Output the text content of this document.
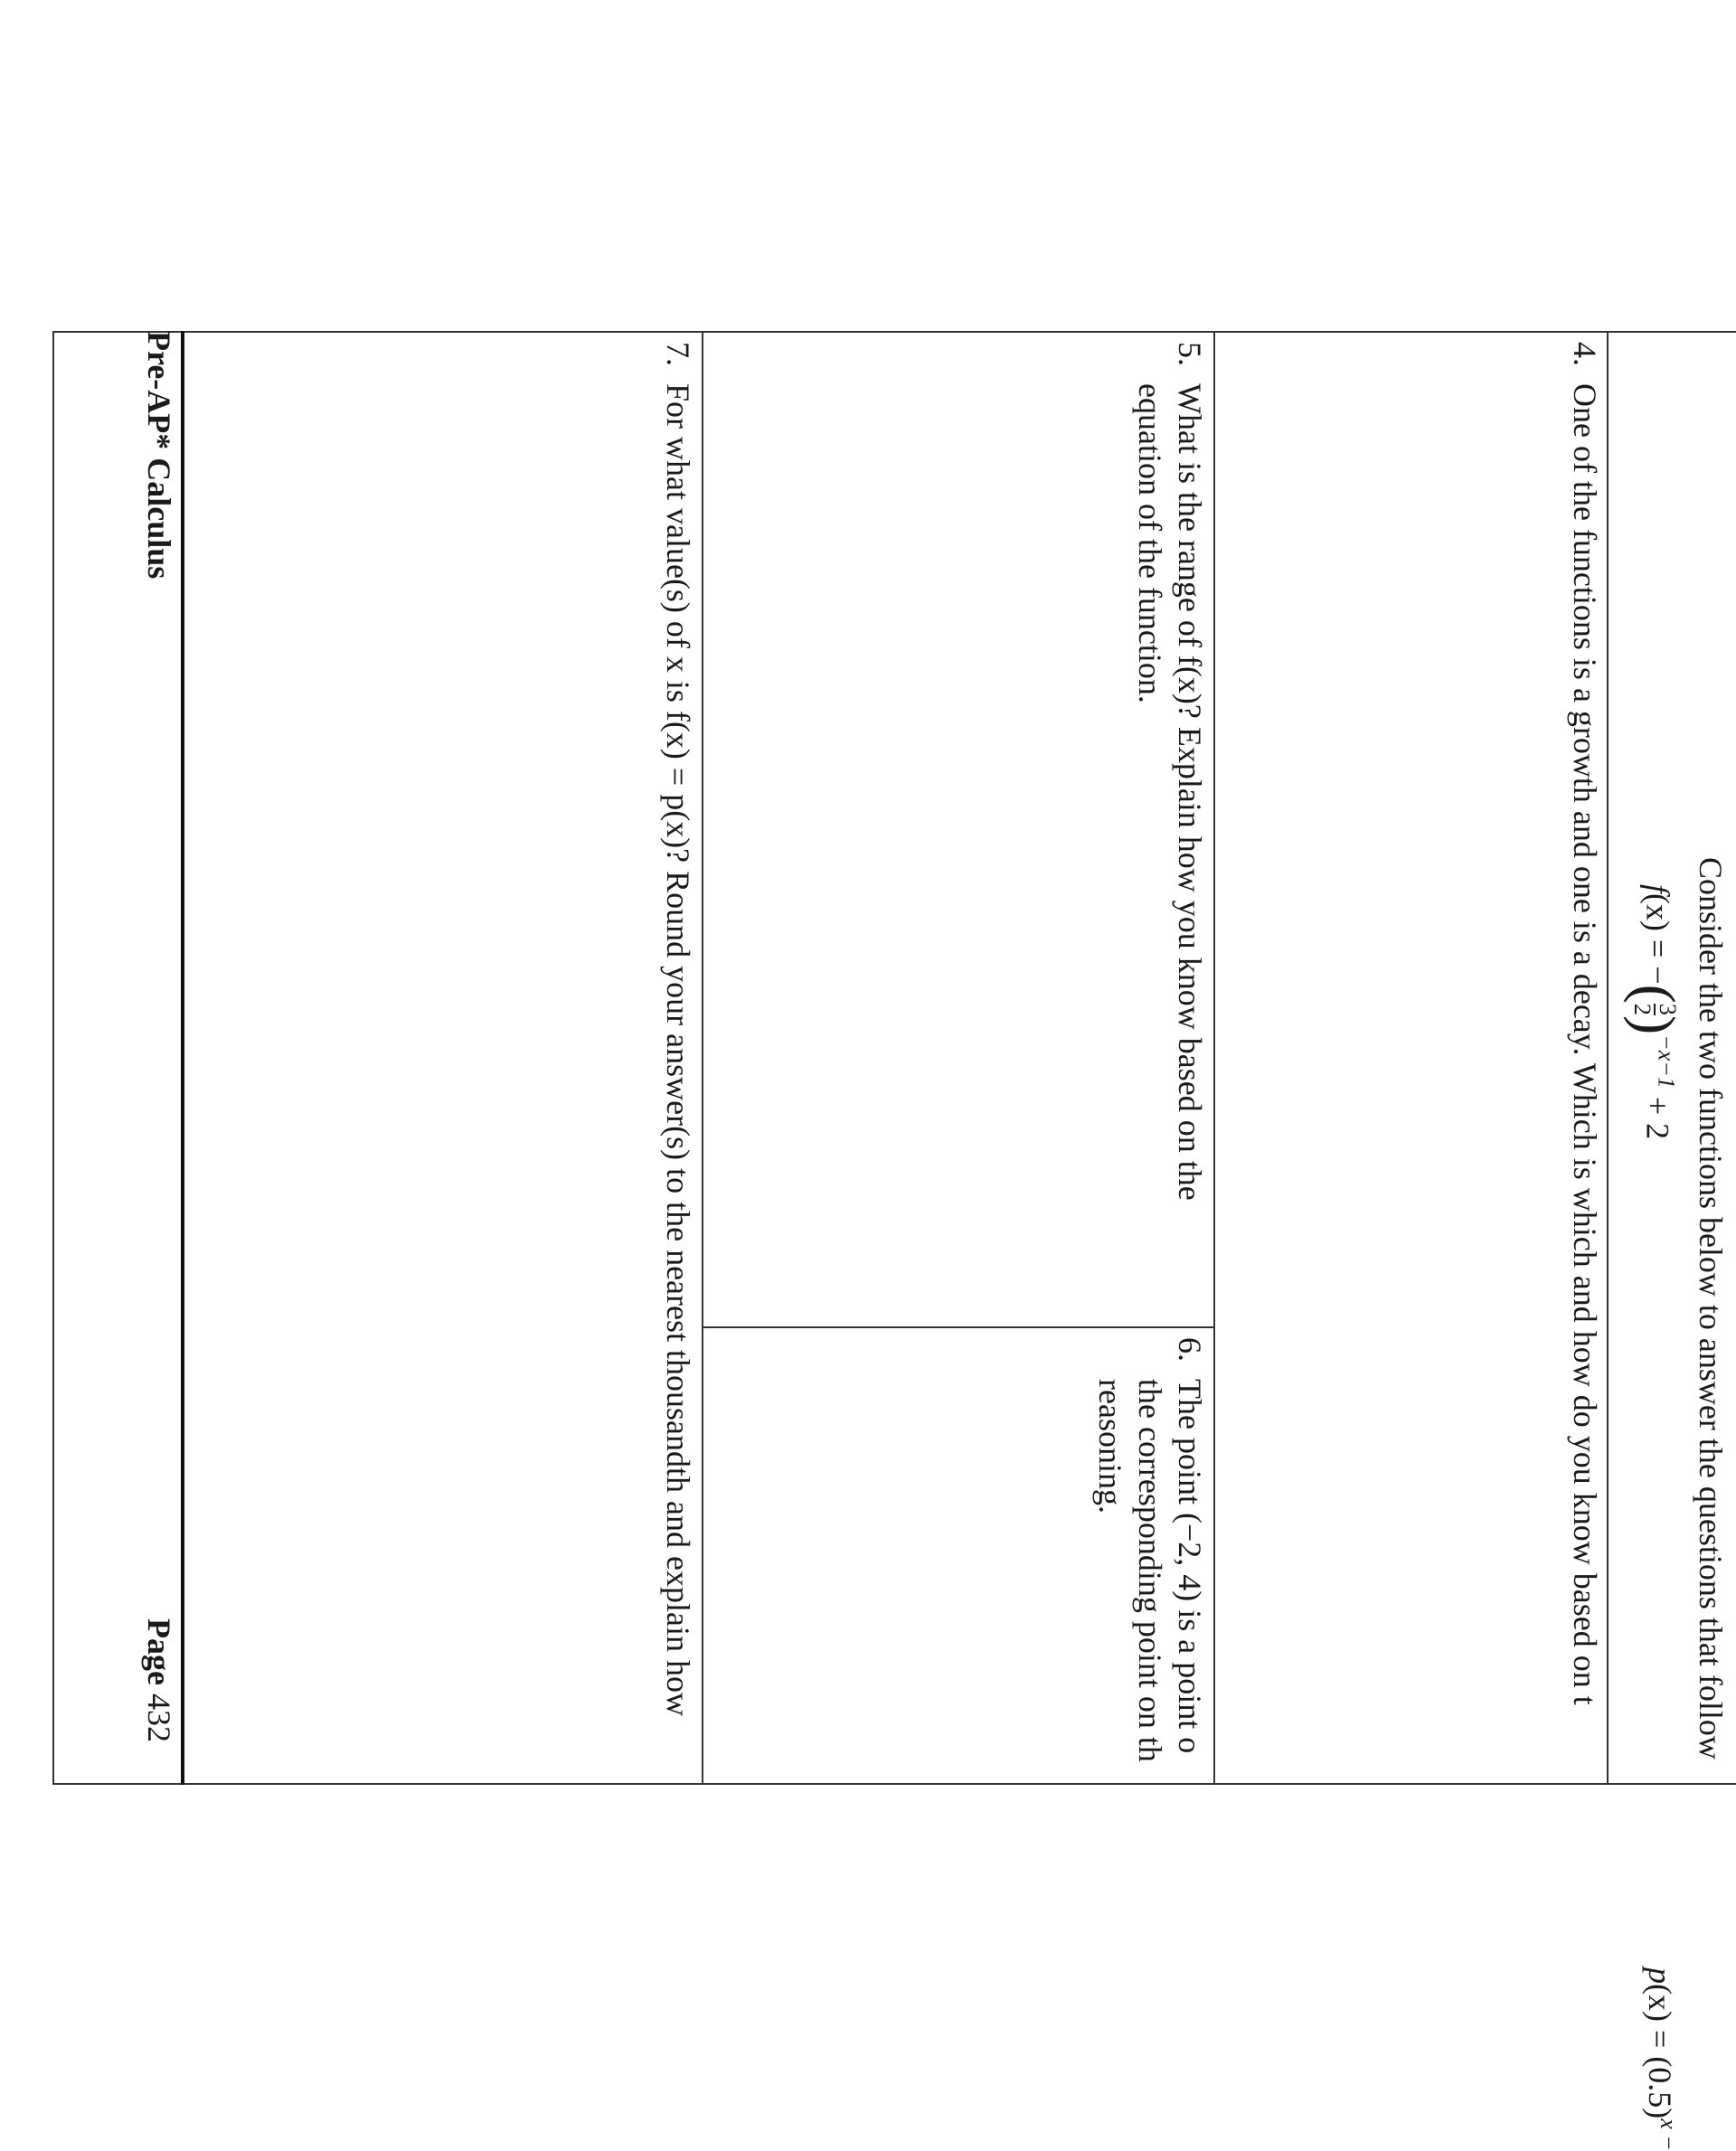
Consider the two functions below to answer the questions that follow
f(x) = −(
3
2
)$^{-x-1}$ + 2
$p(x) = (0.5)^{x -}$
4.
One of the functions is a growth and one is a decay. Which is which and how do you know based on t
5.
What is the range of f(x)? Explain how you know based on the
equation of the function.
6.
The point (−2, 4) is a point o
the corresponding point on th
reasoning.
7.
For what value(s) of x is f(x) = p(x)? Round your answer(s) to the nearest thousandth and explain how
Pre-AP* Calculus
Page 432
